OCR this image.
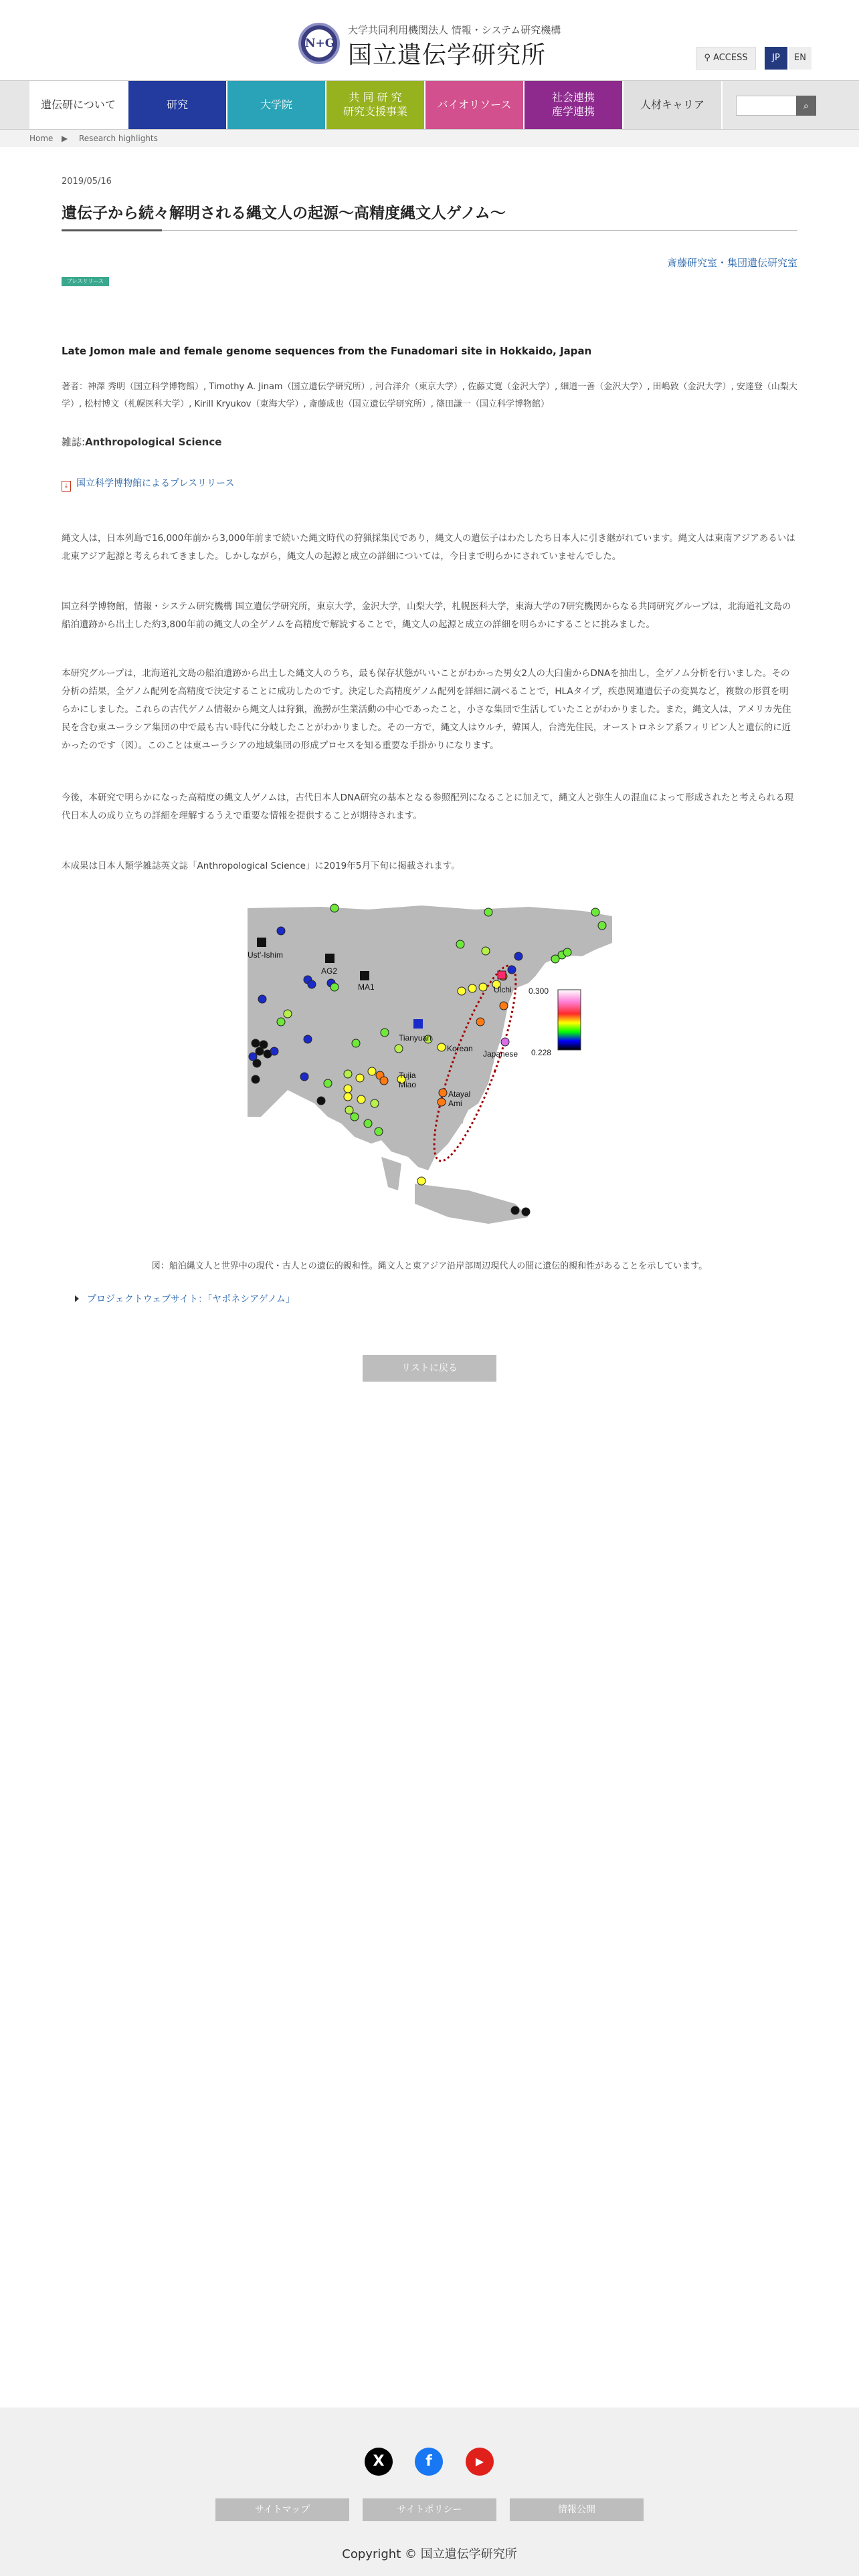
N+G
大学共同利用機関法人 情報・システム研究機構
国立遺伝学研究所	⚲ ACCESS	JP	EN
遺伝研について	研究	大学院
共 同 研 究
研究支援事業
バイオリソース
社会連携
産学連携
人材キャリア	⌕
Home ▶ Research highlights
2019/05/16
遺伝子から続々解明される縄文人の起源〜高精度縄文人ゲノム〜
斎藤研究室・集団遺伝研究室
プレスリリース
Late Jomon male and female genome sequences from the Funadomari site in Hokkaido, Japan
著者：神澤 秀明（国立科学博物館）, Timothy A. Jinam（国立遺伝学研究所）, 河合洋介（東京大学）, 佐藤丈寛（金沢大学）, 細道一善（金沢大学）, 田嶋敦（金沢大学）, 安達登（山梨大学）, 松村博文（札幌医科大学）, Kirill Kryukov（東海大学）, 斎藤成也（国立遺伝学研究所）, 篠田謙一（国立科学博物館）
雑誌:Anthropological Science
⤓ 国立科学博物館によるプレスリリース
縄文人は，日本列島で16,000年前から3,000年前まで続いた縄文時代の狩猟採集民であり，縄文人の遺伝子はわたしたち日本人に引き継がれています。縄文人は東南アジアあるいは北東アジア起源と考えられてきました。しかしながら，縄文人の起源と成立の詳細については，今日まで明らかにされていませんでした。
国立科学博物館，情報・システム研究機構 国立遺伝学研究所，東京大学，金沢大学，山梨大学，札幌医科大学，東海大学の7研究機関からなる共同研究グループは，北海道礼文島の船泊遺跡から出土した約3,800年前の縄文人の全ゲノムを高精度で解読することで，縄文人の起源と成立の詳細を明らかにすることに挑みました。
本研究グループは，北海道礼文島の船泊遺跡から出土した縄文人のうち，最も保存状態がいいことがわかった男女2人の大臼歯からDNAを抽出し，全ゲノム分析を行いました。その分析の結果，全ゲノム配列を高精度で決定することに成功したのです。決定した高精度ゲノム配列を詳細に調べることで，HLAタイプ，疾患関連遺伝子の変異など，複数の形質を明らかにしました。これらの古代ゲノム情報から縄文人は狩猟，漁撈が生業活動の中心であったこと，小さな集団で生活していたことがわかりました。また，縄文人は，アメリカ先住民を含む東ユーラシア集団の中で最も古い時代に分岐したことがわかりました。その一方で，縄文人はウルチ，韓国人，台湾先住民，オーストロネシア系フィリピン人と遺伝的に近かったのです（図）。このことは東ユーラシアの地域集団の形成プロセスを知る重要な手掛かりになります。
今後，本研究で明らかになった高精度の縄文人ゲノムは，古代日本人DNA研究の基本となる参照配列になることに加えて，縄文人と弥生人の混血によって形成されたと考えられる現代日本人の成り立ちの詳細を理解するうえで重要な情報を提供することが期待されます。
本成果は日本人類学雑誌英文誌「Anthropological Science」に2019年5月下旬に掲載されます。
0.300
0.228
Ust'-Ishim
AG2
MA1
Tianyuan
Ulchi
Korean
Japanese
Tujia
Miao
Atayal
Ami
図：船泊縄文人と世界中の現代・古人との遺伝的親和性。縄文人と東アジア沿岸部周辺現代人の間に遺伝的親和性があることを示しています。
プロジェクトウェブサイト：「ヤポネシアゲノム」
リストに戻る
X	f	▶
サイトマップ	サイトポリシー	情報公開
Copyright © 国立遺伝学研究所
